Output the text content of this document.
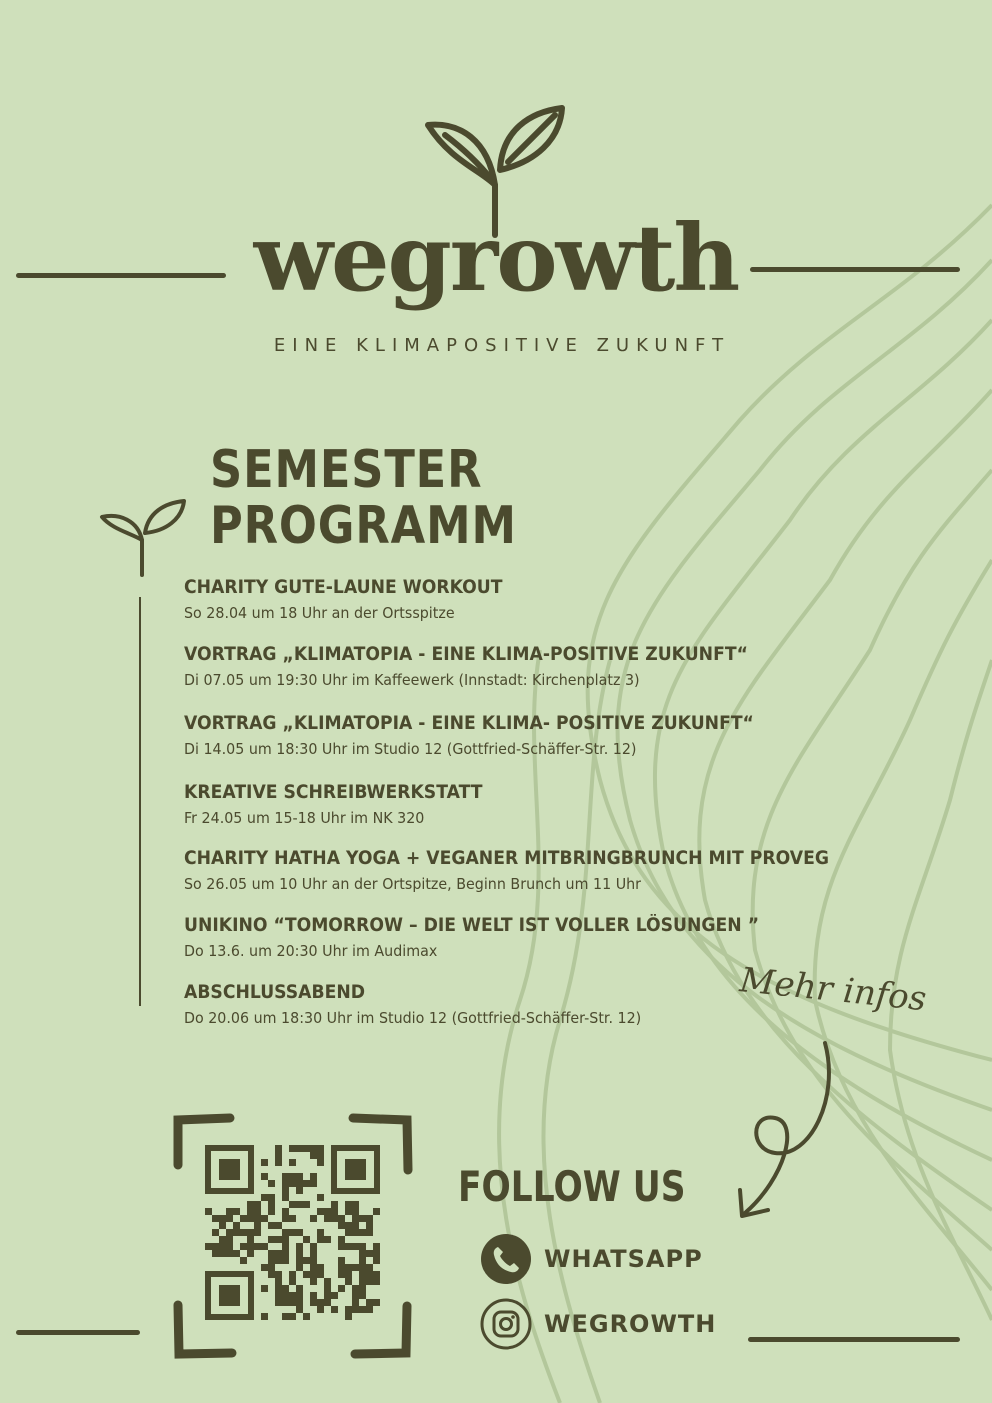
wegrowth
EINE KLIMAPOSITIVE ZUKUNFT
SEMESTER
PROGRAMM
CHARITY GUTE-LAUNE WORKOUT
So 28.04 um 18 Uhr an der Ortsspitze
VORTRAG „KLIMATOPIA - EINE KLIMA-POSITIVE ZUKUNFT“
Di 07.05 um 19:30 Uhr im Kaffeewerk (Innstadt: Kirchenplatz 3)
VORTRAG „KLIMATOPIA - EINE KLIMA- POSITIVE ZUKUNFT“
Di 14.05 um 18:30 Uhr im Studio 12 (Gottfried-Schäffer-Str. 12)
KREATIVE SCHREIBWERKSTATT
Fr 24.05 um 15-18 Uhr im NK 320
CHARITY HATHA YOGA + VEGANER MITBRINGBRUNCH MIT PROVEG
So 26.05 um 10 Uhr an der Ortspitze, Beginn Brunch um 11 Uhr
UNIKINO “TOMORROW – DIE WELT IST VOLLER LÖSUNGEN ”
Do 13.6. um 20:30 Uhr im Audimax
ABSCHLUSSABEND
Do 20.06 um 18:30 Uhr im Studio 12 (Gottfried-Schäffer-Str. 12)	Mehr infos
FOLLOW US
WHATSAPP
WEGROWTH
